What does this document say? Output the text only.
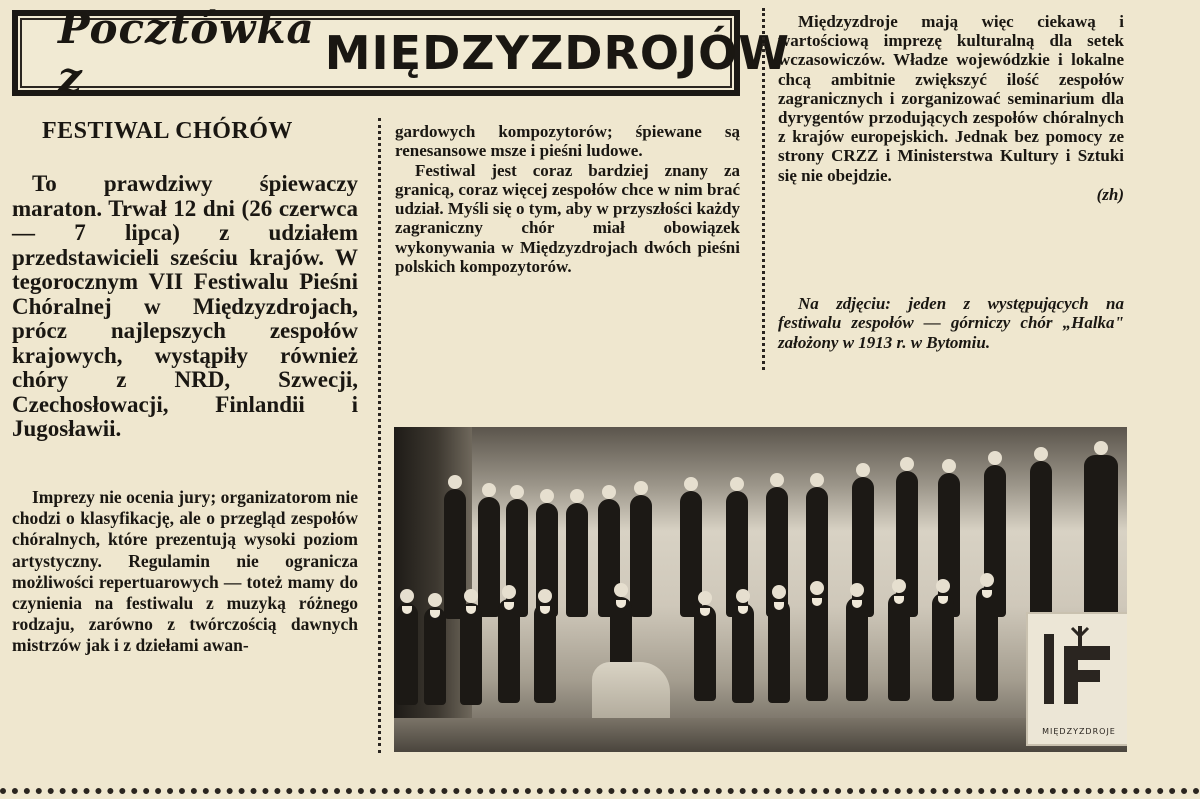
Pocztówka z	MIĘDZYZDROJÓW
FESTIWAL CHÓRÓW
To prawdziwy śpiewaczy maraton. Trwał 12 dni (26 czerwca — 7 lipca) z udziałem przedstawicieli sześciu krajów. W tegorocznym VII Festiwalu Pieśni Chóralnej w Międzyzdrojach, prócz najlepszych zespołów krajowych, wystąpiły również chóry z NRD, Szwecji, Czechosłowacji, Finlandii i Jugosławii.
Imprezy nie ocenia jury; organizatorom nie chodzi o klasyfikację, ale o przegląd zespołów chóralnych, które prezentują wysoki poziom artystyczny. Regulamin nie ogranicza możliwości repertuarowych — toteż mamy do czynienia na festiwalu z muzyką różnego rodzaju, zarówno z twórczością dawnych mistrzów jak i z dziełami awan-
gardowych kompozytorów; śpiewane są renesansowe msze i pieśni ludowe.
Festiwal jest coraz bardziej znany za granicą, coraz więcej zespołów chce w nim brać udział. Myśli się o tym, aby w przyszłości każdy zagraniczny chór miał obowiązek wykonywania w Międzyzdrojach dwóch pieśni polskich kompozytorów.
Międzyzdroje mają więc ciekawą i wartościową imprezę kulturalną dla setek wczasowiczów. Władze wojewódzkie i lokalne chcą ambitnie zwiększyć ilość zespołów zagranicznych i zorganizować seminarium dla dyrygentów przodujących zespołów chóralnych z krajów europejskich. Jednak bez pomocy ze strony CRZZ i Ministerstwa Kultury i Sztuki się nie obejdzie.
(zh)
Na zdjęciu: jeden z występujących na festiwalu zespołów — górniczy chór „Halka" założony w 1913 r. w Bytomiu.
MIĘDZYZDROJE
